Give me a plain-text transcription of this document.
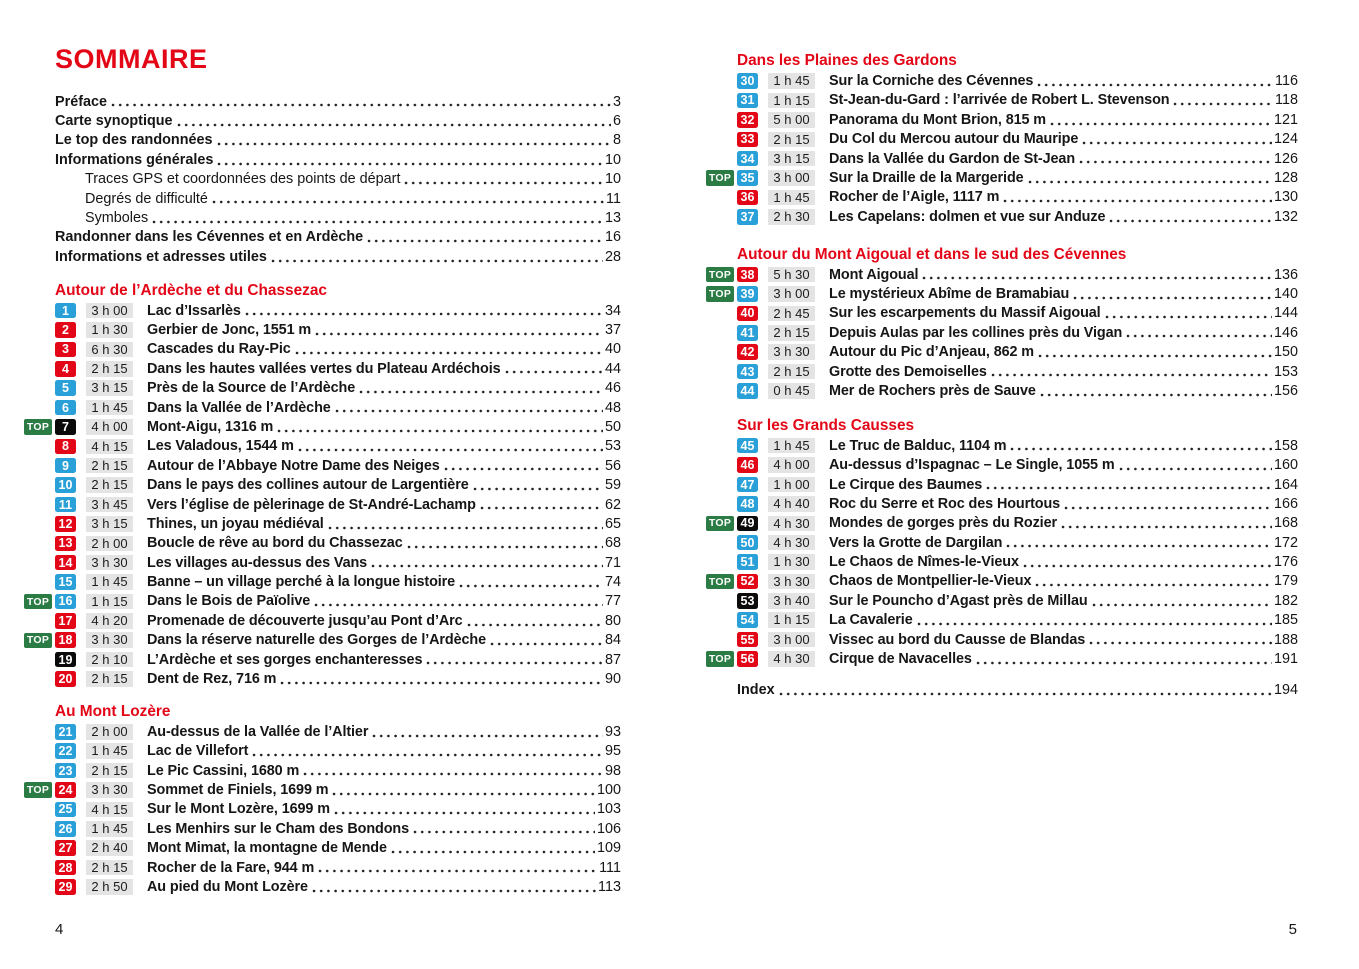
SOMMAIRE
Préface	3
Carte synoptique	6
Le top des randonnées	8
Informations générales	10
Traces GPS et coordonnées des points de départ	10
Degrés de difficulté	11
Symboles	13
Randonner dans les Cévennes et en Ardèche	16
Informations et adresses utiles	28
Autour de l’Ardèche et du Chassezac
1	3 h 00	Lac d’Issarlès	34
2	1 h 30	Gerbier de Jonc, 1551 m	37
3	6 h 30	Cascades du Ray-Pic	40
4	2 h 15	Dans les hautes vallées vertes du Plateau Ardéchois	44
5	3 h 15	Près de la Source de l’Ardèche	46
6	1 h 45	Dans la Vallée de l’Ardèche	48
TOP	7	4 h 00	Mont-Aigu, 1316 m	50
8	4 h 15	Les Valadous, 1544 m	53
9	2 h 15	Autour de l’Abbaye Notre Dame des Neiges	56
10	2 h 15	Dans le pays des collines autour de Largentière	59
11	3 h 45	Vers l’église de pèlerinage de St-André-Lachamp	62
12	3 h 15	Thines, un joyau médiéval	65
13	2 h 00	Boucle de rêve au bord du Chassezac	68
14	3 h 30	Les villages au-dessus des Vans	71
15	1 h 45	Banne – un village perché à la longue histoire	74
TOP 16	1 h 15	Dans le Bois de Païolive	77
17	4 h 20	Promenade de découverte jusqu’au Pont d’Arc	80
TOP 18	3 h 30	Dans la réserve naturelle des Gorges de l’Ardèche	84
19	2 h 10	L’Ardèche et ses gorges enchanteresses	87
20	2 h 15	Dent de Rez, 716 m	90
Au Mont Lozère
21	2 h 00	Au-dessus de la Vallée de l’Altier	93
22	1 h 45	Lac de Villefort	95
23	2 h 15	Le Pic Cassini, 1680 m	98
TOP 24	3 h 30	Sommet de Finiels, 1699 m	100
25	4 h 15	Sur le Mont Lozère, 1699 m	103
26	1 h 45	Les Menhirs sur le Cham des Bondons	106
27	2 h 40	Mont Mimat, la montagne de Mende	109
28	2 h 15	Rocher de la Fare, 944 m	111
29	2 h 50	Au pied du Mont Lozère	113
Dans les Plaines des Gardons
30	1 h 45	Sur la Corniche des Cévennes	116
31	1 h 15	St-Jean-du-Gard : l’arrivée de Robert L. Stevenson	118
32	5 h 00	Panorama du Mont Brion, 815 m	121
33	2 h 15	Du Col du Mercou autour du Mauripe	124
34	3 h 15	Dans la Vallée du Gardon de St-Jean	126
TOP 35	3 h 00	Sur la Draille de la Margeride	128
36	1 h 45	Rocher de l’Aigle, 1117 m	130
37	2 h 30	Les Capelans: dolmen et vue sur Anduze	132
Autour du Mont Aigoual et dans le sud des Cévennes
TOP 38	5 h 30	Mont Aigoual	136
TOP 39	3 h 00	Le mystérieux Abîme de Bramabiau	140
40	2 h 45	Sur les escarpements du Massif Aigoual	144
41	2 h 15	Depuis Aulas par les collines près du Vigan	146
42	3 h 30	Autour du Pic d’Anjeau, 862 m	150
43	2 h 15	Grotte des Demoiselles	153
44	0 h 45	Mer de Rochers près de Sauve	156
Sur les Grands Causses
45	1 h 45	Le Truc de Balduc, 1104 m	158
46	4 h 00	Au-dessus d’Ispagnac – Le Single, 1055 m	160
47	1 h 00	Le Cirque des Baumes	164
48	4 h 40	Roc du Serre et Roc des Hourtous	166
TOP 49	4 h 30	Mondes de gorges près du Rozier	168
50	4 h 30	Vers la Grotte de Dargilan	172
51	1 h 30	Le Chaos de Nîmes-le-Vieux	176
TOP 52	3 h 30	Chaos de Montpellier-le-Vieux	179
53	3 h 40	Sur le Pouncho d’Agast près de Millau	182
54	1 h 15	La Cavalerie	185
55	3 h 00	Vissec au bord du Causse de Blandas	188
TOP 56	4 h 30	Cirque de Navacelles	191
Index	194
4	5
